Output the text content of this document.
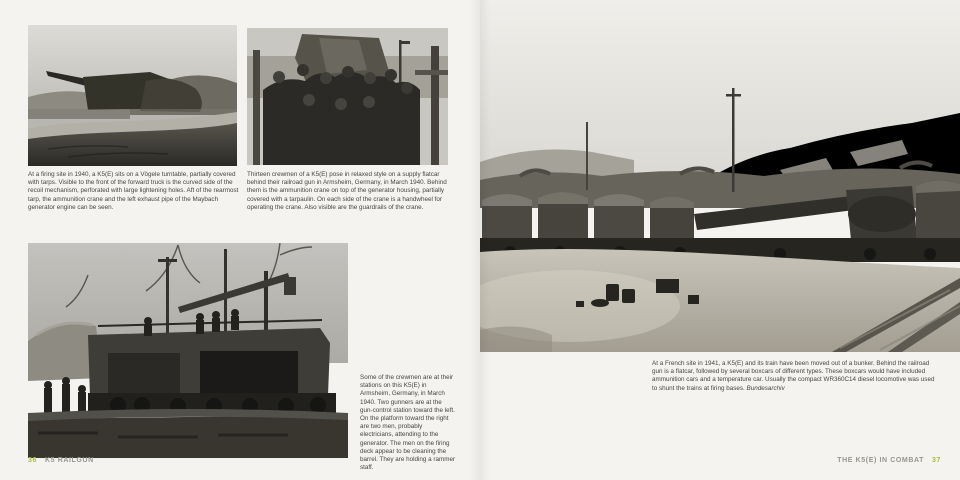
At a firing site in 1940, a K5(E) sits on a Vögele turntable, partially covered with tarps. Visible to the front of the forward truck is the curved side of the recoil mechanism, perforated with large lightening holes. Aft of the rearmost tarp, the ammunition crane and the left exhaust pipe of the Maybach generator engine can be seen.

Thirteen crewmen of a K5(E) pose in relaxed style on a supply flatcar behind their railroad gun in Armsheim, Germany, in March 1940. Behind them is the ammunition crane on top of the generator housing, partially covered with a tarpaulin. On each side of the crane is a handwheel for operating the crane. Also visible are the guardrails of the crane.

Some of the crewmen are at their stations on this K5(E) in Armsheim, Germany, in March 1940. Two gunners are at the gun-control station toward the left. On the platform toward the right are two men, probably electricians, attending to the generator. The men on the firing deck appear to be cleaning the barrel. They are holding a rammer staff.

36 K5 RAILGUN

At a French site in 1941, a K5(E) and its train have been moved out of a bunker. Behind the railroad gun is a flatcar, followed by several boxcars of different types. These boxcars would have included ammunition cars and a temperature car. Usually the compact WR360C14 diesel locomotive was used to shunt the trains at firing bases. Bundesarchiv

THE K5(E) IN COMBAT 37
